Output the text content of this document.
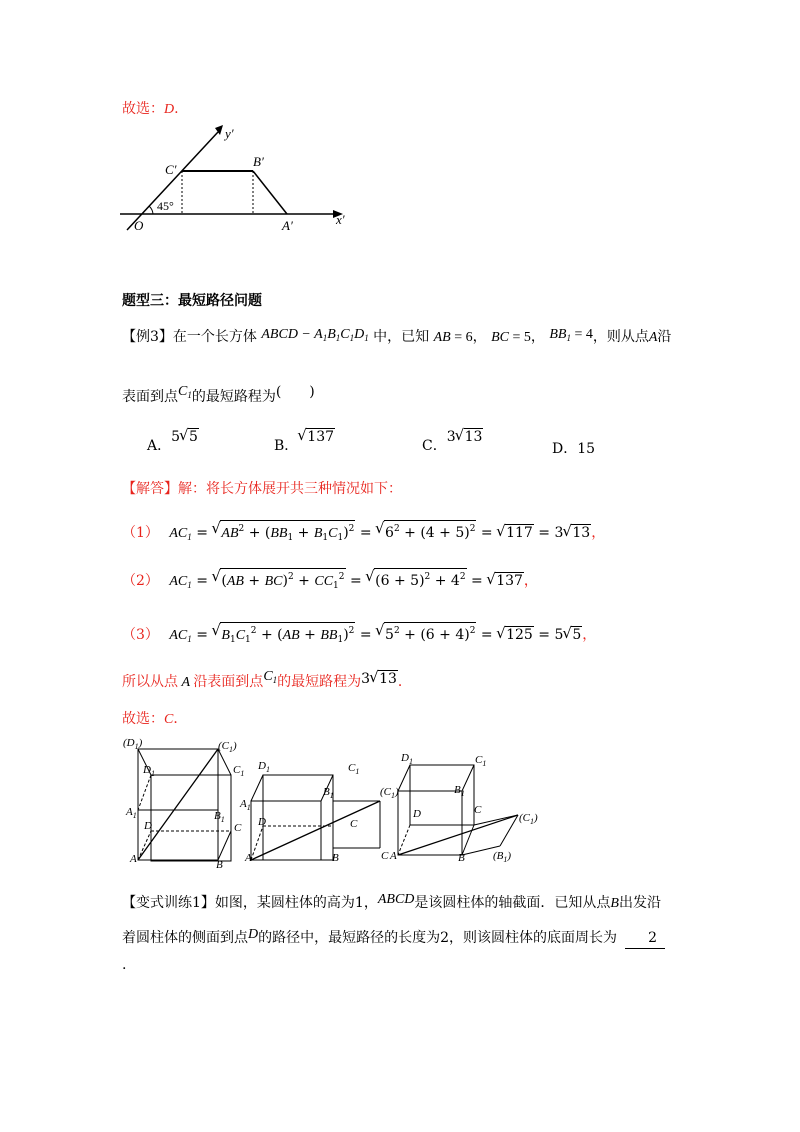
故选：D.
y′
x′
C′
B′
A′
O
45°
题型三：最短路径问题
【例3】在一个长方体 ABCD − $A_1B_1C_1D_1$ 中，已知 AB = 6， BC = 5， $BB_1 = 4$，则从点A沿
表面到点$C_1$的最短路程为(　　)
A．5 √ 5
B．√ 137
C．3 √ 13
D．15
【解答】解：将长方体展开共三种情况如下：
（1） $AC_1$ = √ $AB^2 + (BB_1 + B_1C_1)^2$ = √ $6^2 + (4 + 5)^2$ = √ 117 = 3 √ 13，
（2） $AC_1$ = √ $(AB + BC)^2 + CC_1^2$ = √ $(6 + 5)^2 + 4^2$ = √ 137，
（3） $AC_1$ = √ $B_1C_1^2 + (AB + BB_1)^2$ = √ $5^2 + (6 + 4)^2$ = √ 125 = 5 √ 5，
所以从点 A 沿表面到点$C_1$的最短路程为3 √ 13．
故选：C．
$(D_1)$	$(C_1)$
$D_1$	$C_1$
$A_1$	$B_1$
D	C
A	B
$D_1$	$C_1$
$A_1$
$B_1$	$(C_1)$
D	C
A	B	C
$D_1$	$C_1$
$B_1$
D	C
A	B
$(C_1)$
$(B_1)$
【变式训练1】如图，某圆柱体的高为1，ABCD是该圆柱体的轴截面．已知从点B出发沿
着圆柱体的侧面到点D的路径中，最短路径的长度为2，则该圆柱体的底面周长为 2
.
